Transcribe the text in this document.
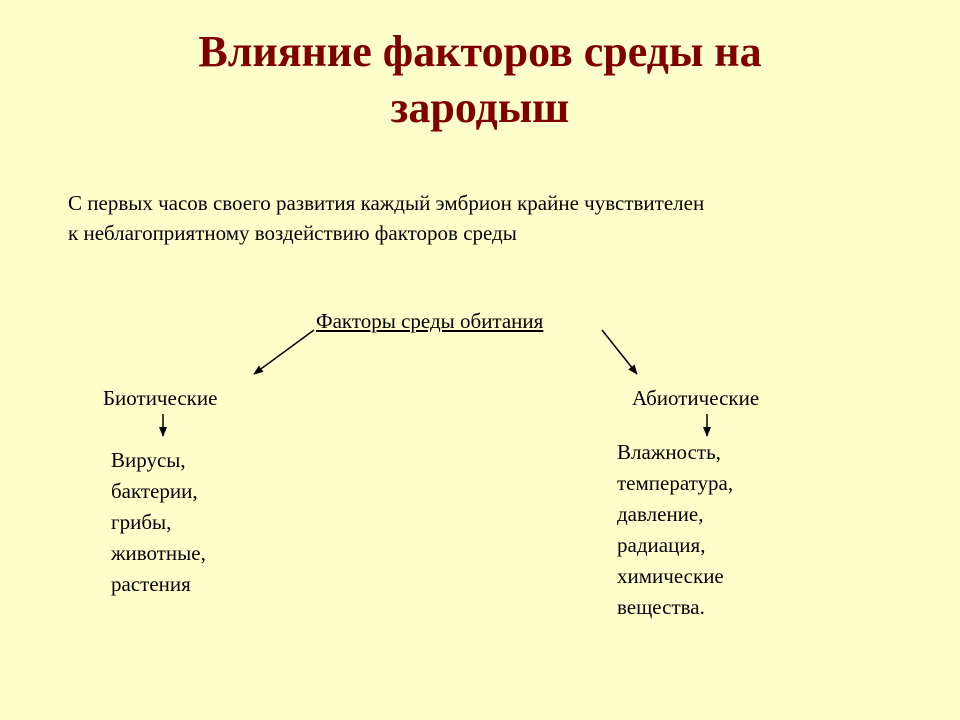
Влияние факторов среды на
зародыш

С первых часов своего развития каждый эмбрион крайне чувствителен
к неблагоприятному воздействию факторов среды

Факторы среды обитания
Биотические	Абиотические
Вирусы,
бактерии,
грибы,
животные,
растения
Влажность,
температура,
давление,
радиация,
химические
вещества.
